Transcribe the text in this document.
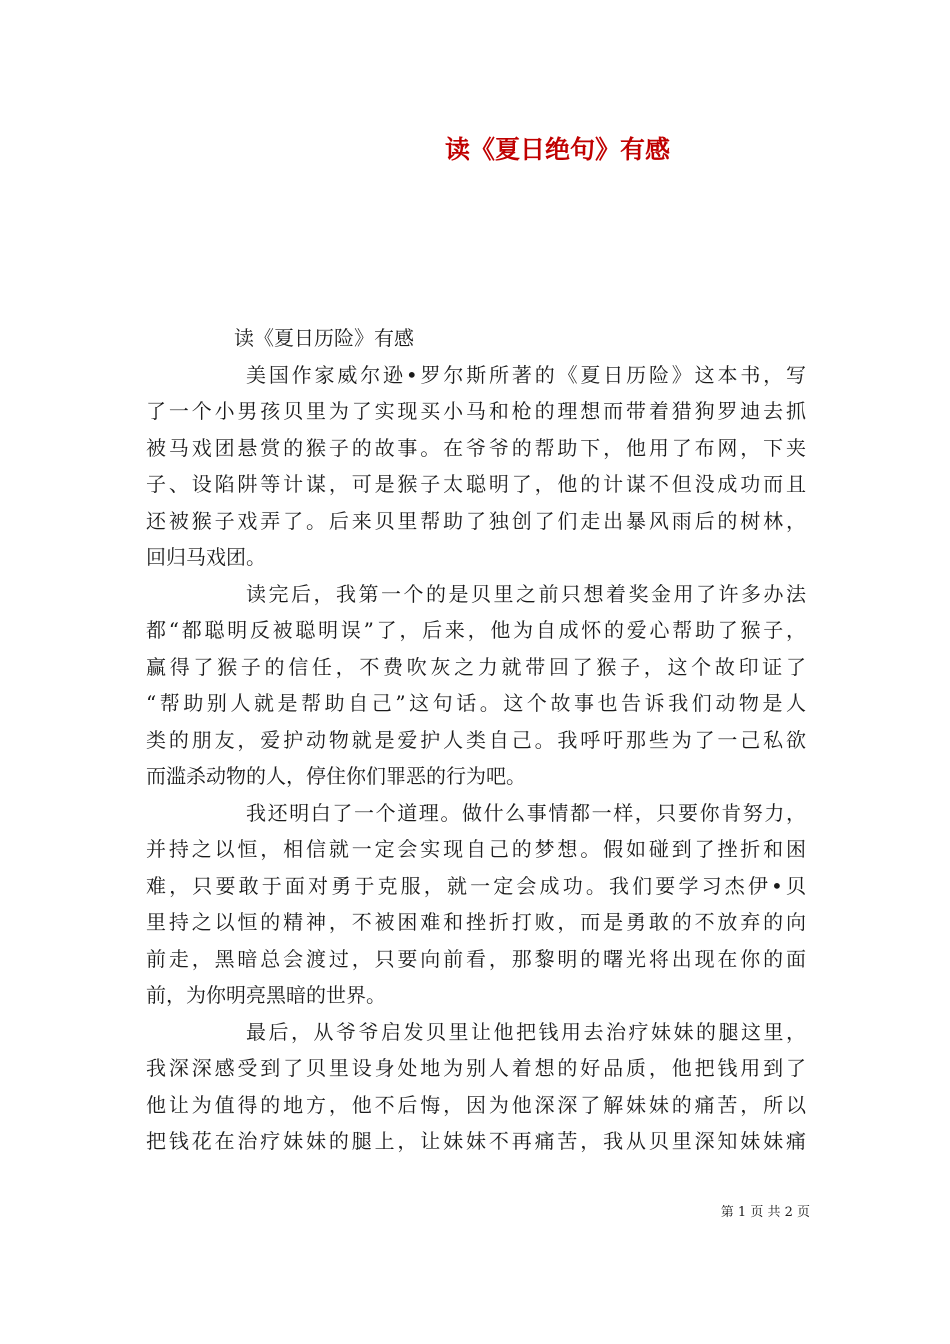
读《夏日绝句》有感

读《夏日历险》有感

美国作家威尔逊•罗尔斯所著的《夏日历险》这本书，写
了一个小男孩贝里为了实现买小马和枪的理想而带着猎狗罗迪去抓
被马戏团悬赏的猴子的故事。在爷爷的帮助下，他用了布网，下夹
子、设陷阱等计谋，可是猴子太聪明了，他的计谋不但没成功而且
还被猴子戏弄了。后来贝里帮助了独创了们走出暴风雨后的树林，
回归马戏团。

读完后，我第一个的是贝里之前只想着奖金用了许多办法
都“都聪明反被聪明误”了，后来，他为自成怀的爱心帮助了猴子，
赢得了猴子的信任，不费吹灰之力就带回了猴子，这个故印证了
“帮助别人就是帮助自己”这句话。这个故事也告诉我们动物是人
类的朋友，爱护动物就是爱护人类自己。我呼吁那些为了一己私欲
而滥杀动物的人，停住你们罪恶的行为吧。

我还明白了一个道理。做什么事情都一样，只要你肯努力，
并持之以恒，相信就一定会实现自己的梦想。假如碰到了挫折和困
难，只要敢于面对勇于克服，就一定会成功。我们要学习杰伊•贝
里持之以恒的精神，不被困难和挫折打败，而是勇敢的不放弃的向
前走，黑暗总会渡过，只要向前看，那黎明的曙光将出现在你的面
前，为你明亮黑暗的世界。

最后，从爷爷启发贝里让他把钱用去治疗妹妹的腿这里，
我深深感受到了贝里设身处地为别人着想的好品质，他把钱用到了
他让为值得的地方，他不后悔，因为他深深了解妹妹的痛苦，所以
把钱花在治疗妹妹的腿上，让妹妹不再痛苦，我从贝里深知妹妹痛

第 1 页 共 2 页
